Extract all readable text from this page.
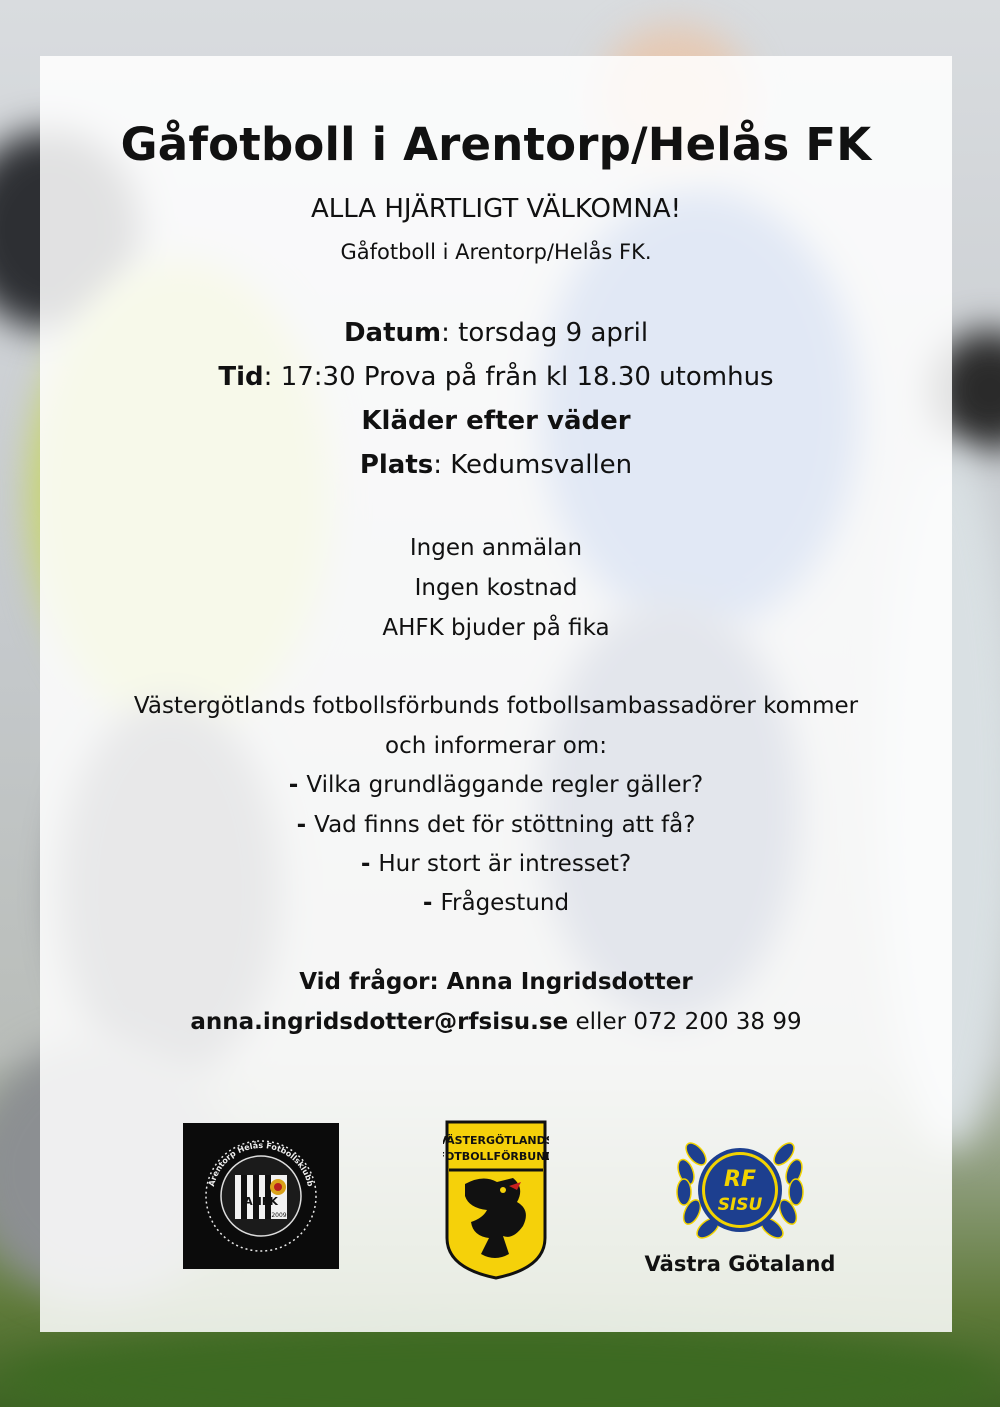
Gåfotboll i Arentorp/Helås FK
ALLA HJÄRTLIGT VÄLKOMNA!
Gåfotboll i Arentorp/Helås FK.
Datum: torsdag 9 april
Tid: 17:30 Prova på från kl 18.30 utomhus
Kläder efter väder
Plats: Kedumsvallen
Ingen anmälan
Ingen kostnad
AHFK bjuder på fika
Västergötlands fotbollsförbunds fotbollsambassadörer kommer
och informerar om:
- Vilka grundläggande regler gäller?
- Vad finns det för stöttning att få?
- Hur stort är intresset?
- Frågestund
Vid frågor: Anna Ingridsdotter
anna.ingridsdotter@rfsisu.se eller 072 200 38 99
AHFK
2009
Arentorp Helås Fotbollsklubb
VÄSTERGÖTLANDS
FOTBOLLFÖRBUND
RF
SISU
Västra Götaland
